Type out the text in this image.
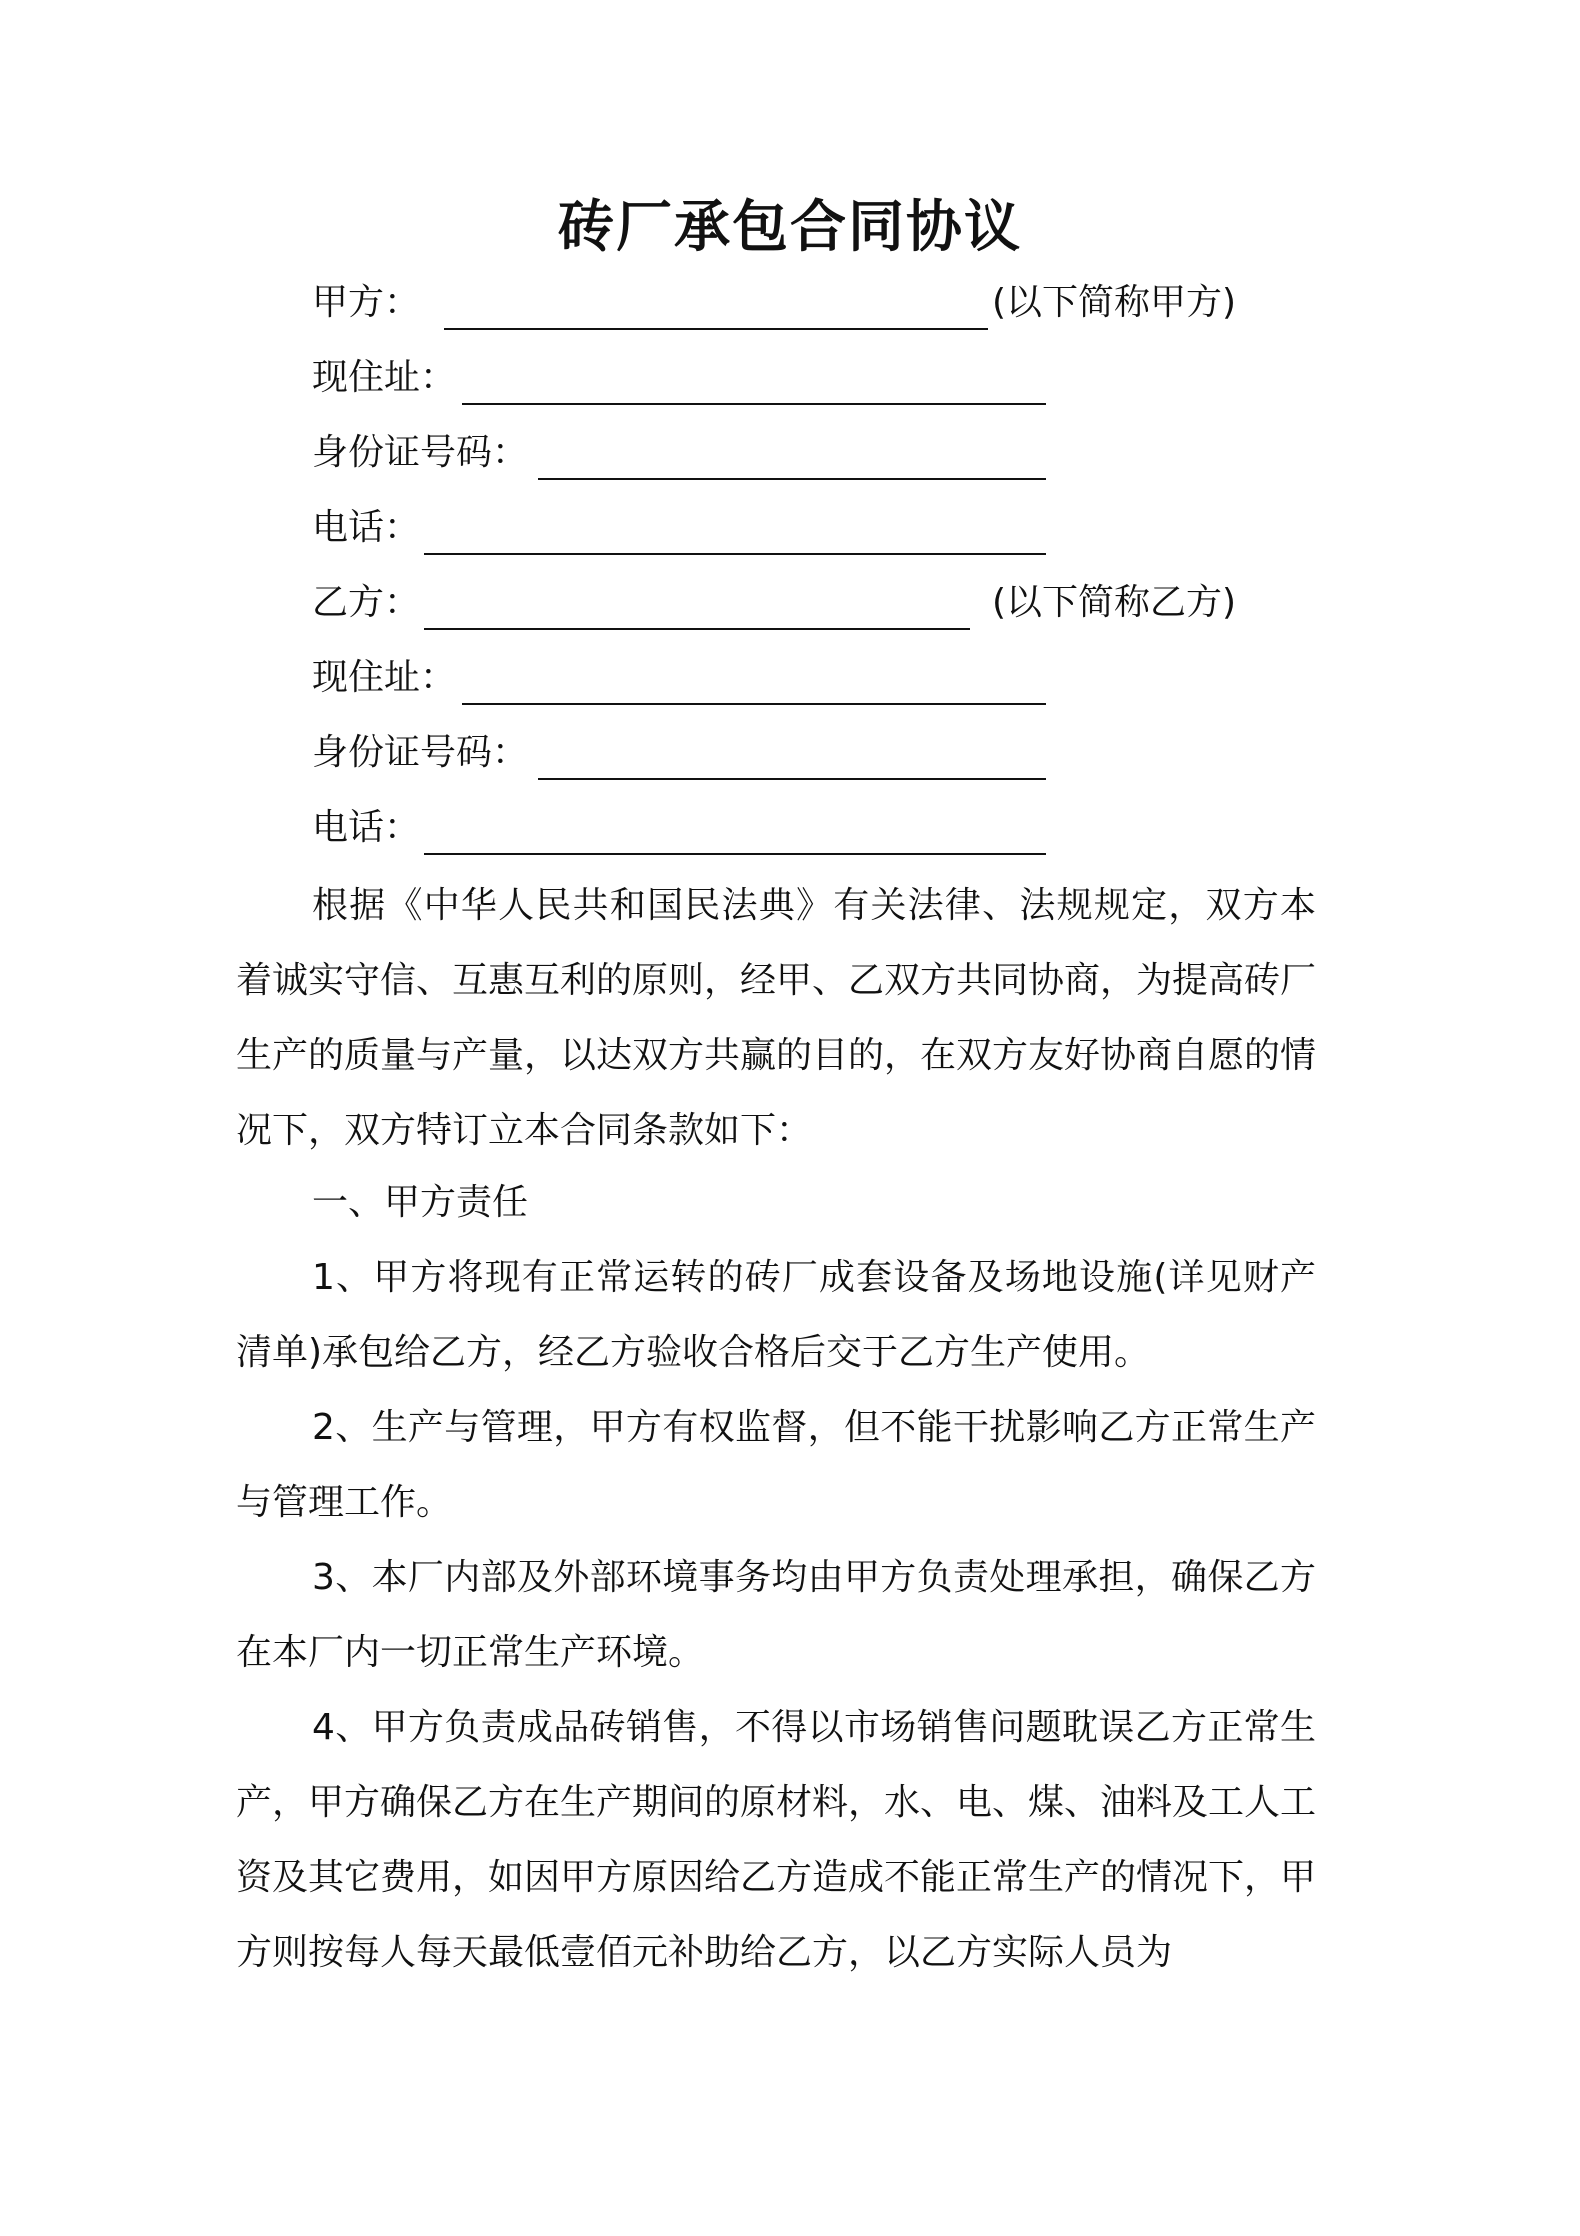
砖厂承包合同协议
甲方：	(以下简称甲方)
现住址：
身份证号码：
电话：
乙方：	(以下简称乙方)
现住址：
身份证号码：
电话：

根据《中华人民共和国民法典》有关法律、法规规定，双方本着诚实守信、互惠互利的原则，经甲、乙双方共同协商，为提高砖厂生产的质量与产量，以达双方共赢的目的，在双方友好协商自愿的情况下，双方特订立本合同条款如下：

一、甲方责任

1、甲方将现有正常运转的砖厂成套设备及场地设施(详见财产清单)承包给乙方，经乙方验收合格后交于乙方生产使用。

2、生产与管理，甲方有权监督，但不能干扰影响乙方正常生产与管理工作。

3、本厂内部及外部环境事务均由甲方负责处理承担，确保乙方在本厂内一切正常生产环境。

4、甲方负责成品砖销售，不得以市场销售问题耽误乙方正常生产，甲方确保乙方在生产期间的原材料，水、电、煤、油料及工人工资及其它费用，如因甲方原因给乙方造成不能正常生产的情况下，甲方则按每人每天最低壹佰元补助给乙方，以乙方实际人员为
